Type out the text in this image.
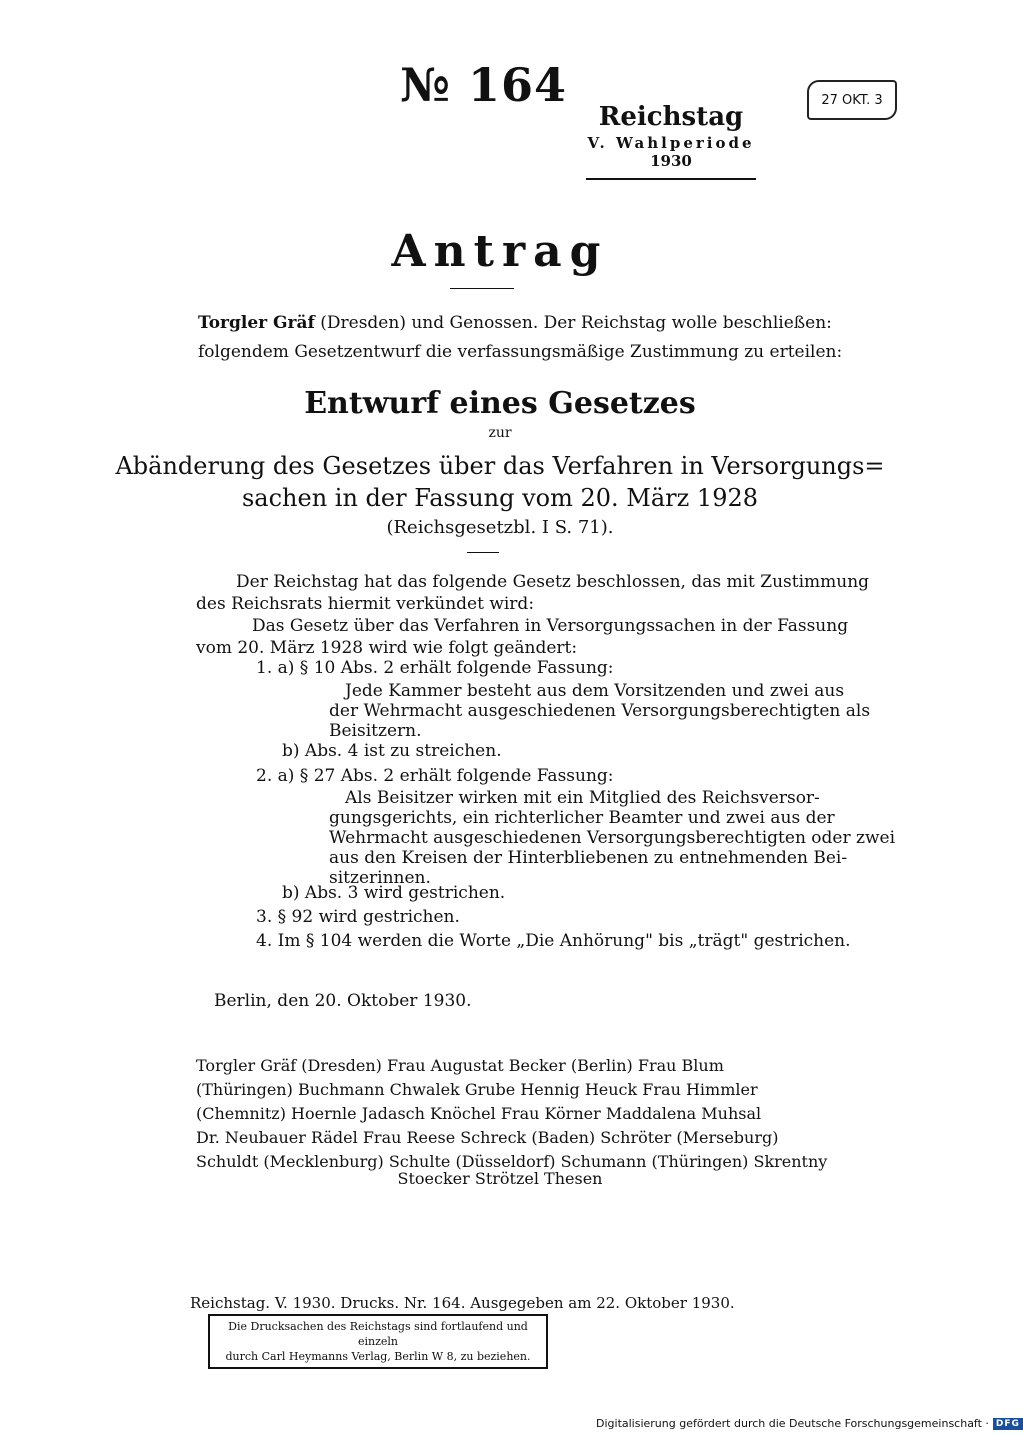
№ 164	27 OKT. 3
Reichstag
V. Wahlperiode
1930
Antrag
Torgler Gräf (Dresden) und Genossen. Der Reichstag wolle beschließen:
folgendem Gesetzentwurf die verfassungsmäßige Zustimmung zu erteilen:
Entwurf eines Gesetzes
zur
Abänderung des Gesetzes über das Verfahren in Versorgungs=
sachen in der Fassung vom 20. März 1928
(Reichsgesetzbl. I S. 71).
Der Reichstag hat das folgende Gesetz beschlossen, das mit Zustimmung
des Reichsrats hiermit verkündet wird:
Das Gesetz über das Verfahren in Versorgungssachen in der Fassung
vom 20. März 1928 wird wie folgt geändert:
1. a) § 10 Abs. 2 erhält folgende Fassung:
Jede Kammer besteht aus dem Vorsitzenden und zwei aus
der Wehrmacht ausgeschiedenen Versorgungsberechtigten als
Beisitzern.
b) Abs. 4 ist zu streichen.
2. a) § 27 Abs. 2 erhält folgende Fassung:
Als Beisitzer wirken mit ein Mitglied des Reichsversor-
gungsgerichts, ein richterlicher Beamter und zwei aus der
Wehrmacht ausgeschiedenen Versorgungsberechtigten oder zwei
aus den Kreisen der Hinterbliebenen zu entnehmenden Bei-
sitzerinnen.
b) Abs. 3 wird gestrichen.
3. § 92 wird gestrichen.
4. Im § 104 werden die Worte „Die Anhörung" bis „trägt" gestrichen.
Berlin, den 20. Oktober 1930.
Torgler Gräf (Dresden) Frau Augustat Becker (Berlin) Frau Blum
(Thüringen) Buchmann Chwalek Grube Hennig Heuck Frau Himmler
(Chemnitz) Hoernle Jadasch Knöchel Frau Körner Maddalena Muhsal
Dr. Neubauer Rädel Frau Reese Schreck (Baden) Schröter (Merseburg)
Schuldt (Mecklenburg) Schulte (Düsseldorf) Schumann (Thüringen) Skrentny
Stoecker Strötzel Thesen
Reichstag. V. 1930. Drucks. Nr. 164. Ausgegeben am 22. Oktober 1930.
Die Drucksachen des Reichstags sind fortlaufend und einzeln
durch Carl Heymanns Verlag, Berlin W 8, zu beziehen.
Digitalisierung gefördert durch die Deutsche Forschungsgemeinschaft · DFG
